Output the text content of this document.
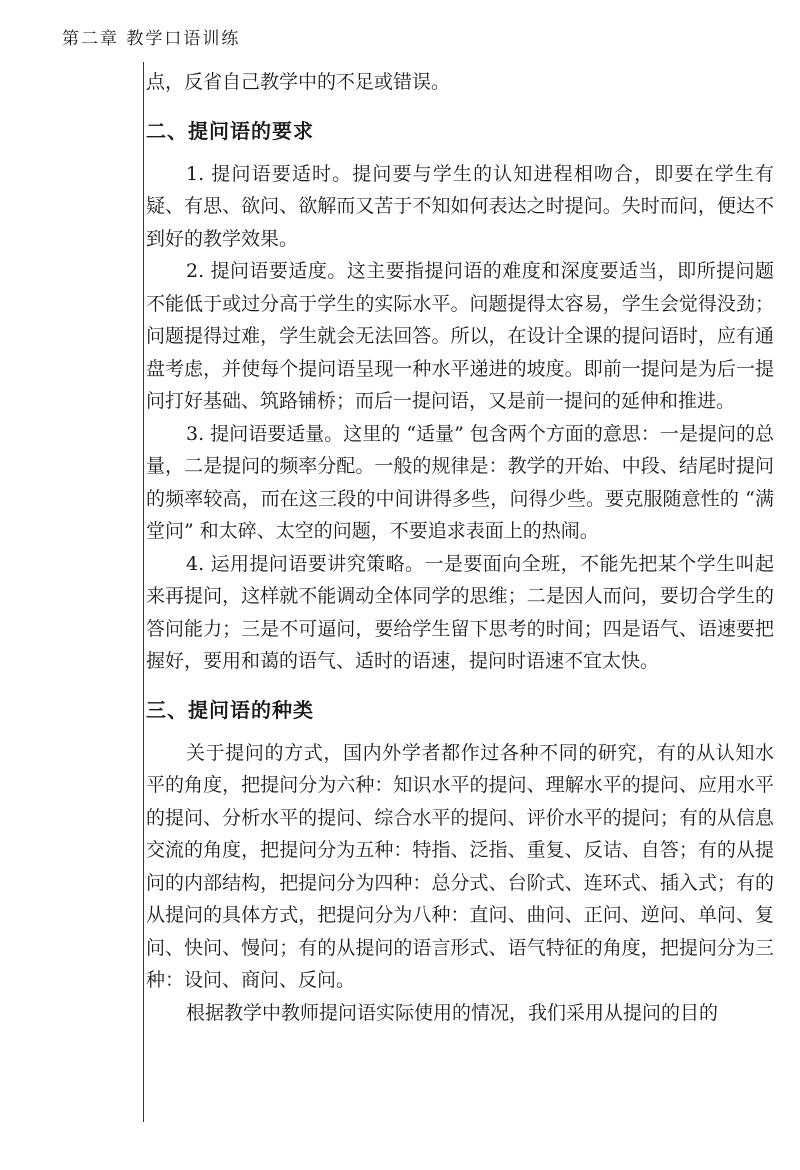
第二章 教学口语训练

点，反省自己教学中的不足或错误。

二、提问语的要求

1. 提问语要适时。提问要与学生的认知进程相吻合，即要在学生有疑、有思、欲问、欲解而又苦于不知如何表达之时提问。失时而问，便达不到好的教学效果。

2. 提问语要适度。这主要指提问语的难度和深度要适当，即所提问题不能低于或过分高于学生的实际水平。问题提得太容易，学生会觉得没劲；问题提得过难，学生就会无法回答。所以，在设计全课的提问语时，应有通盘考虑，并使每个提问语呈现一种水平递进的坡度。即前一提问是为后一提问打好基础、筑路铺桥；而后一提问语，又是前一提问的延伸和推进。

3. 提问语要适量。这里的 “适量” 包含两个方面的意思：一是提问的总量，二是提问的频率分配。一般的规律是：教学的开始、中段、结尾时提问的频率较高，而在这三段的中间讲得多些，问得少些。要克服随意性的 “满堂问” 和太碎、太空的问题，不要追求表面上的热闹。

4. 运用提问语要讲究策略。一是要面向全班，不能先把某个学生叫起来再提问，这样就不能调动全体同学的思维；二是因人而问，要切合学生的答问能力；三是不可逼问，要给学生留下思考的时间；四是语气、语速要把握好，要用和蔼的语气、适时的语速，提问时语速不宜太快。

三、提问语的种类

关于提问的方式，国内外学者都作过各种不同的研究，有的从认知水平的角度，把提问分为六种：知识水平的提问、理解水平的提问、应用水平的提问、分析水平的提问、综合水平的提问、评价水平的提问；有的从信息交流的角度，把提问分为五种：特指、泛指、重复、反诘、自答；有的从提问的内部结构，把提问分为四种：总分式、台阶式、连环式、插入式；有的从提问的具体方式，把提问分为八种：直问、曲问、正问、逆问、单问、复问、快问、慢问；有的从提问的语言形式、语气特征的角度，把提问分为三种：设问、商问、反问。

根据教学中教师提问语实际使用的情况，我们采用从提问的目的
